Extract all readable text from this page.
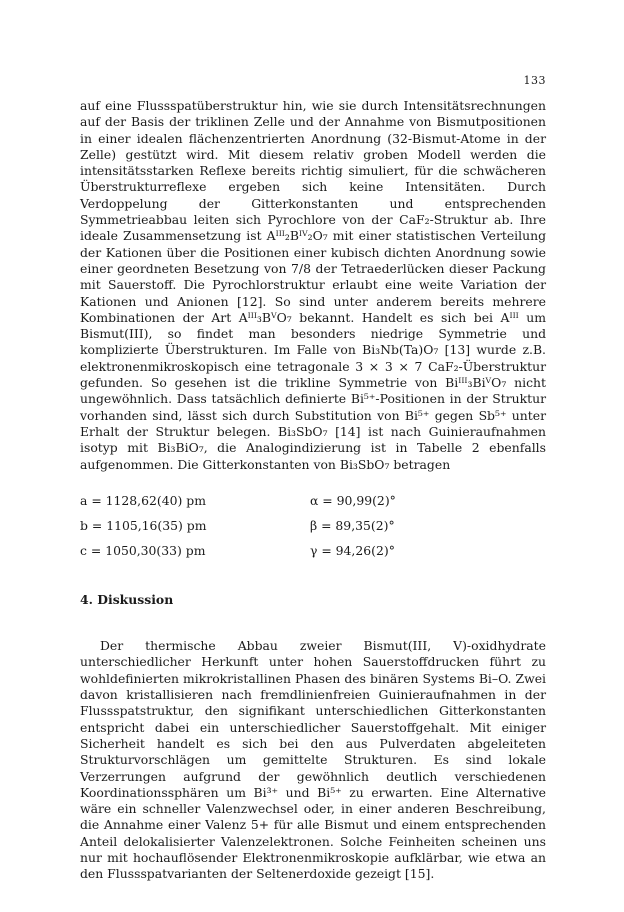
133

auf eine Flussspatüberstruktur hin, wie sie durch Intensitätsrechnungen auf der Basis der triklinen Zelle und der Annahme von Bismutpositionen in einer idealen flächenzentrierten Anordnung (32-Bismut-Atome in der Zelle) gestützt wird. Mit diesem relativ groben Modell werden die intensitätsstarken Reflexe bereits richtig simuliert, für die schwächeren Überstrukturreflexe ergeben sich keine Intensitäten. Durch Verdoppelung der Gitterkonstanten und entsprechenden Symmetrieabbau leiten sich Pyrochlore von der CaF₂-Struktur ab. Ihre ideale Zusammensetzung ist Aᴵᴵᴵ₂Bᴵⱽ₂O₇ mit einer statistischen Verteilung der Kationen über die Positionen einer kubisch dichten Anordnung sowie einer geordneten Besetzung von 7/8 der Tetraederlücken dieser Packung mit Sauerstoff. Die Pyrochlorstruktur erlaubt eine weite Variation der Kationen und Anionen [12]. So sind unter anderem bereits mehrere Kombinationen der Art Aᴵᴵᴵ₃BⱽO₇ bekannt. Handelt es sich bei Aᴵᴵᴵ um Bismut(III), so findet man besonders niedrige Symmetrie und komplizierte Überstrukturen. Im Falle von Bi₃Nb(Ta)O₇ [13] wurde z.B. elektronenmikroskopisch eine tetragonale 3 × 3 × 7 CaF₂-Überstruktur gefunden. So gesehen ist die trikline Symmetrie von Biᴵᴵᴵ₃BiⱽO₇ nicht ungewöhnlich. Dass tatsächlich definierte Bi⁵⁺-Positionen in der Struktur vorhanden sind, lässt sich durch Substitution von Bi⁵⁺ gegen Sb⁵⁺ unter Erhalt der Struktur belegen. Bi₃SbO₇ [14] ist nach Guinieraufnahmen isotyp mit Bi₃BiO₇, die Analogindizierung ist in Tabelle 2 ebenfalls aufgenommen. Die Gitterkonstanten von Bi₃SbO₇ betragen

a = 1128,62(40) pm	α = 90,99(2)°
b = 1105,16(35) pm	β = 89,35(2)°
c = 1050,30(33) pm	γ = 94,26(2)°
4. Diskussion

Der thermische Abbau zweier Bismut(III, V)-oxidhydrate unterschiedlicher Herkunft unter hohen Sauerstoffdrucken führt zu wohldefinierten mikrokristallinen Phasen des binären Systems Bi–O. Zwei davon kristallisieren nach fremdlinienfreien Guinieraufnahmen in der Flussspatstruktur, den signifikant unterschiedlichen Gitterkonstanten entspricht dabei ein unterschiedlicher Sauerstoffgehalt. Mit einiger Sicherheit handelt es sich bei den aus Pulverdaten abgeleiteten Strukturvorschlägen um gemittelte Strukturen. Es sind lokale Verzerrungen aufgrund der gewöhnlich deutlich verschiedenen Koordinationssphären um Bi³⁺ und Bi⁵⁺ zu erwarten. Eine Alternative wäre ein schneller Valenzwechsel oder, in einer anderen Beschreibung, die Annahme einer Valenz 5+ für alle Bismut und einem entsprechenden Anteil delokalisierter Valenzelektronen. Solche Feinheiten scheinen uns nur mit hochauflösender Elektronenmikroskopie aufklärbar, wie etwa an den Flussspatvarianten der Seltenerdoxide gezeigt [15].
